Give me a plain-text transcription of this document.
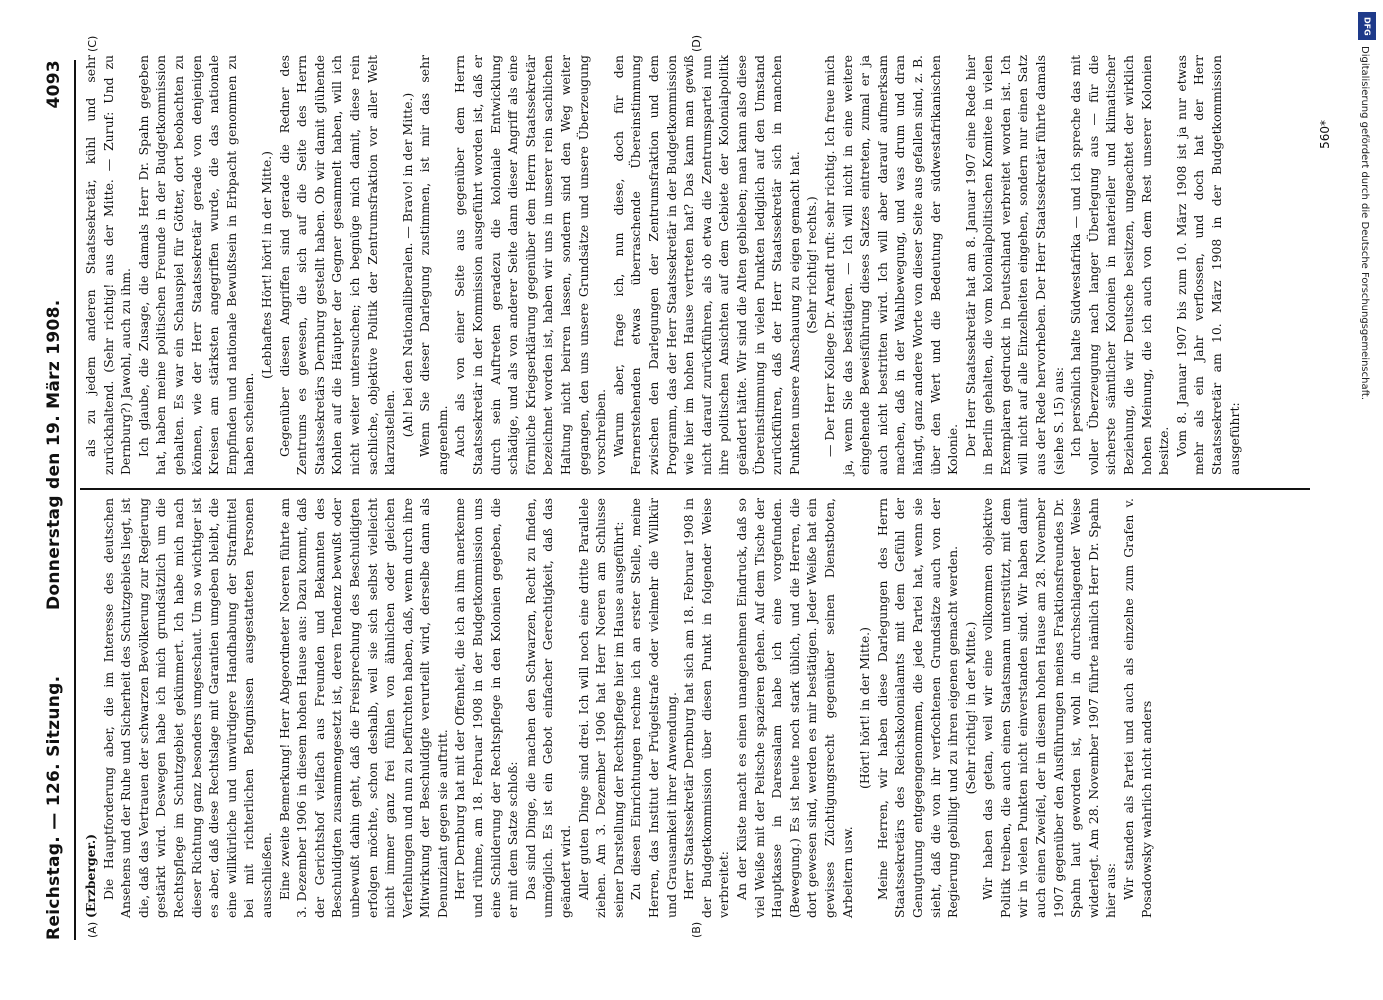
Reichstag. — 126. Sitzung.
Donnerstag den 19. März 1908.
4093
(A)	(B)
(C)	(D)

(Erzberger.) Die Hauptforderung aber, die im Interesse des deutschen Ansehens und der Ruhe und Sicherheit des Schutzgebiets liegt, ist die, daß das Vertrauen der schwarzen Bevölkerung zur Regierung gestärkt wird. Deswegen habe ich mich grundsätzlich um die Rechtspflege im Schutzgebiet gekümmert. Ich habe mich nach dieser Richtung ganz besonders umgeschaut. Um so wichtiger ist es aber, daß diese Rechtslage mit Garantien umgeben bleibt, die eine willkürliche und unwürdigere Handhabung der Strafmittel bei mit richterlichen Befugnissen ausgestatteten Personen ausschließen. Eine zweite Bemerkung! Herr Abgeordneter Noeren führte am 3. Dezember 1906 in diesem hohen Hause aus: Dazu kommt, daß der Gerichtshof vielfach aus Freunden und Bekannten des Beschuldigten zusammengesetzt ist, deren Tendenz bewußt oder unbewußt dahin geht, daß die Freisprechung des Beschuldigten erfolgen möchte, schon deshalb, weil sie sich selbst vielleicht nicht immer ganz frei fühlen von ähnlichen oder gleichen Verfehlungen und nun zu befürchten haben, daß, wenn durch ihre Mitwirkung der Beschuldigte verurteilt wird, derselbe dann als Denunziant gegen sie auftritt. Herr Dernburg hat mit der Offenheit, die ich an ihm anerkenne und rühme, am 18. Februar 1908 in der Budgetkommission uns eine Schilderung der Rechtspflege in den Kolonien gegeben, die er mit dem Satze schloß: Das sind Dinge, die machen den Schwarzen, Recht zu finden, unmöglich. Es ist ein Gebot einfacher Gerechtigkeit, daß das geändert wird. Aller guten Dinge sind drei. Ich will noch eine dritte Parallele ziehen. Am 3. Dezember 1906 hat Herr Noeren am Schlusse seiner Darstellung der Rechtspflege hier im Hause ausgeführt: Zu diesen Einrichtungen rechne ich an erster Stelle, meine Herren, das Institut der Prügelstrafe oder vielmehr die Willkür und Grausamkeit ihrer Anwendung. Herr Staatssekretär Dernburg hat sich am 18. Februar 1908 in der Budgetkommission über diesen Punkt in folgender Weise verbreitet: An der Küste macht es einen unangenehmen Eindruck, daß so viel Weiße mit der Peitsche spazieren gehen. Auf dem Tische der Hauptkasse in Daressalam habe ich eine vorgefunden. (Bewegung.) Es ist heute noch stark üblich, und die Herren, die dort gewesen sind, werden es mir bestätigen. Jeder Weiße hat ein gewisses Züchtigungsrecht gegenüber seinen Dienstboten, Arbeitern usw.

(Hört! hört! in der Mitte.) Meine Herren, wir haben diese Darlegungen des Herrn Staatssekretärs des Reichskolonialamts mit dem Gefühl der Genugtuung entgegengenommen, die jede Partei hat, wenn sie sieht, daß die von ihr verfochtenen Grundsätze auch von der Regierung gebilligt und zu ihren eigenen gemacht werden. (Sehr richtig! in der Mitte.) Wir haben das getan, weil wir eine vollkommen objektive Politik treiben, die auch einen Staatsmann unterstützt, mit dem wir in vielen Punkten nicht einverstanden sind. Wir haben damit auch einen Zweifel, der in diesem hohen Hause am 28. November 1907 gegenüber den Ausführungen meines Fraktionsfreundes Dr. Spahn laut geworden ist, wohl in durchschlagender Weise widerlegt. Am 28. November 1907 führte nämlich Herr Dr. Spahn hier aus: Wir standen als Partei und auch als einzelne zum Grafen v. Posadowsky wahrlich nicht anders

als zu jedem anderen Staatssekretär, kühl und sehr zurückhaltend. (Sehr richtig! aus der Mitte. — Zuruf: Und zu Dernburg?) Jawohl, auch zu ihm. Ich glaube, die Zusage, die damals Herr Dr. Spahn gegeben hat, haben meine politischen Freunde in der Budgetkommission gehalten. Es war ein Schauspiel für Götter, dort beobachten zu können, wie der Herr Staatssekretär gerade von denjenigen Kreisen am stärksten angegriffen wurde, die das nationale Empfinden und nationale Bewußtsein in Erbpacht genommen zu haben scheinen.

(Lebhaftes Hört! hört! in der Mitte.) Gegenüber diesen Angriffen sind gerade die Redner des Zentrums es gewesen, die sich auf die Seite des Herrn Staatssekretärs Dernburg gestellt haben. Ob wir damit glühende Kohlen auf die Häupter der Gegner gesammelt haben, will ich nicht weiter untersuchen; ich begnüge mich damit, diese rein sachliche, objektive Politik der Zentrumsfraktion vor aller Welt klarzustellen. (Ah! bei den Nationalliberalen. — Bravo! in der Mitte.) Wenn Sie dieser Darlegung zustimmen, ist mir das sehr angenehm. Auch als von einer Seite aus gegenüber dem Herrn Staatssekretär in der Kommission ausgeführt worden ist, daß er durch sein Auftreten geradezu die koloniale Entwicklung schädige, und als von anderer Seite dann dieser Angriff als eine förmliche Kriegserklärung gegenüber dem Herrn Staatssekretär bezeichnet worden ist, haben wir uns in unserer rein sachlichen Haltung nicht beirren lassen, sondern sind den Weg weiter gegangen, den uns unsere Grundsätze und unsere Überzeugung vorschreiben. Warum aber, frage ich, nun diese, doch für den Fernerstehenden etwas überraschende Übereinstimmung zwischen den Darlegungen der Zentrumsfraktion und dem Programm, das der Herr Staatssekretär in der Budgetkommission wie hier im hohen Hause vertreten hat? Das kann man gewiß nicht darauf zurückführen, als ob etwa die Zentrumspartei nun ihre politischen Ansichten auf dem Gebiete der Kolonialpolitik geändert hätte. Wir sind die Alten geblieben; man kann also diese Übereinstimmung in vielen Punkten lediglich auf den Umstand zurückführen, daß der Herr Staatssekretär sich in manchen Punkten unsere Anschauung zu eigen gemacht hat. (Sehr richtig! rechts.) — Der Herr Kollege Dr. Arendt ruft: sehr richtig. Ich freue mich ja, wenn Sie das bestätigen. — Ich will nicht in eine weitere eingehende Beweisführung dieses Satzes eintreten, zumal er ja auch nicht bestritten wird. Ich will aber darauf aufmerksam machen, daß in der Wahlbewegung, und was drum und dran hängt, ganz andere Worte von dieser Seite aus gefallen sind, z. B. über den Wert und die Bedeutung der südwestafrikanischen Kolonie. Der Herr Staatssekretär hat am 8. Januar 1907 eine Rede hier in Berlin gehalten, die vom kolonialpolitischen Komitee in vielen Exemplaren gedruckt in Deutschland verbreitet worden ist. Ich will nicht auf alle Einzelheiten eingehen, sondern nur einen Satz aus der Rede hervorheben. Der Herr Staatssekretär führte damals (siehe S. 15) aus: Ich persönlich halte Südwestafrika — und ich spreche das mit voller Überzeugung nach langer Überlegung aus — für die sicherste sämtlicher Kolonien in materieller und klimatischer Beziehung, die wir Deutsche besitzen, ungeachtet der wirklich hohen Meinung, die ich auch von dem Rest unserer Kolonien besitze. Vom 8. Januar 1907 bis zum 10. März 1908 ist ja nur etwas mehr als ein Jahr verflossen, und doch hat der Herr Staatssekretär am 10. März 1908 in der Budgetkommission ausgeführt:

560*
DFG
Digitalisierung gefördert durch die Deutsche Forschungsgemeinschaft.
